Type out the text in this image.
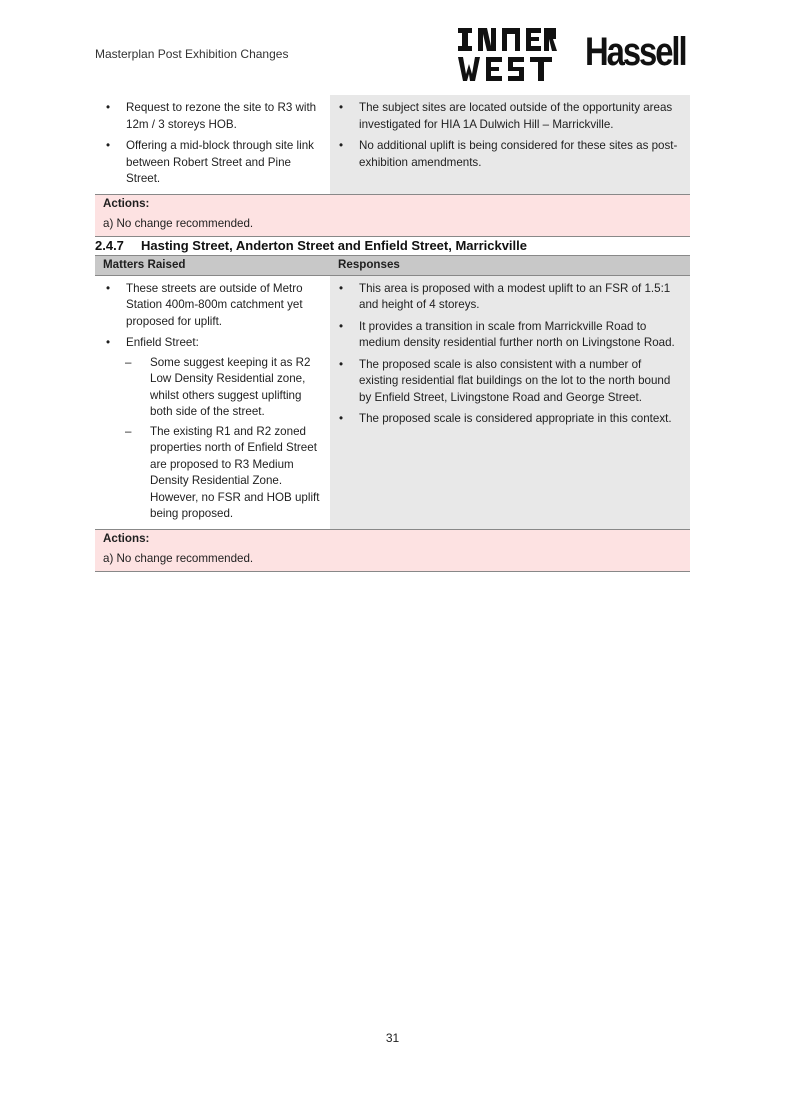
Masterplan Post Exhibition Changes	Hassell
• Request to rezone the site to R3 with 12m / 3 storeys HOB.
• Offering a mid-block through site link between Robert Street and Pine Street.
• The subject sites are located outside of the opportunity areas investigated for HIA 1A Dulwich Hill – Marrickville.
• No additional uplift is being considered for these sites as post-exhibition amendments.
Actions:
a) No change recommended.
2.4.7 Hasting Street, Anderton Street and Enfield Street, Marrickville
Matters Raised	Responses
• These streets are outside of Metro Station 400m-800m catchment yet proposed for uplift.
• Enfield Street:
– Some suggest keeping it as R2 Low Density Residential zone, whilst others suggest uplifting both side of the street.
– The existing R1 and R2 zoned properties north of Enfield Street are proposed to R3 Medium Density Residential Zone. However, no FSR and HOB uplift being proposed.
• This area is proposed with a modest uplift to an FSR of 1.5:1 and height of 4 storeys.
• It provides a transition in scale from Marrickville Road to medium density residential further north on Livingstone Road.
• The proposed scale is also consistent with a number of existing residential flat buildings on the lot to the north bound by Enfield Street, Livingstone Road and George Street.
• The proposed scale is considered appropriate in this context.
Actions:
a) No change recommended.
31
